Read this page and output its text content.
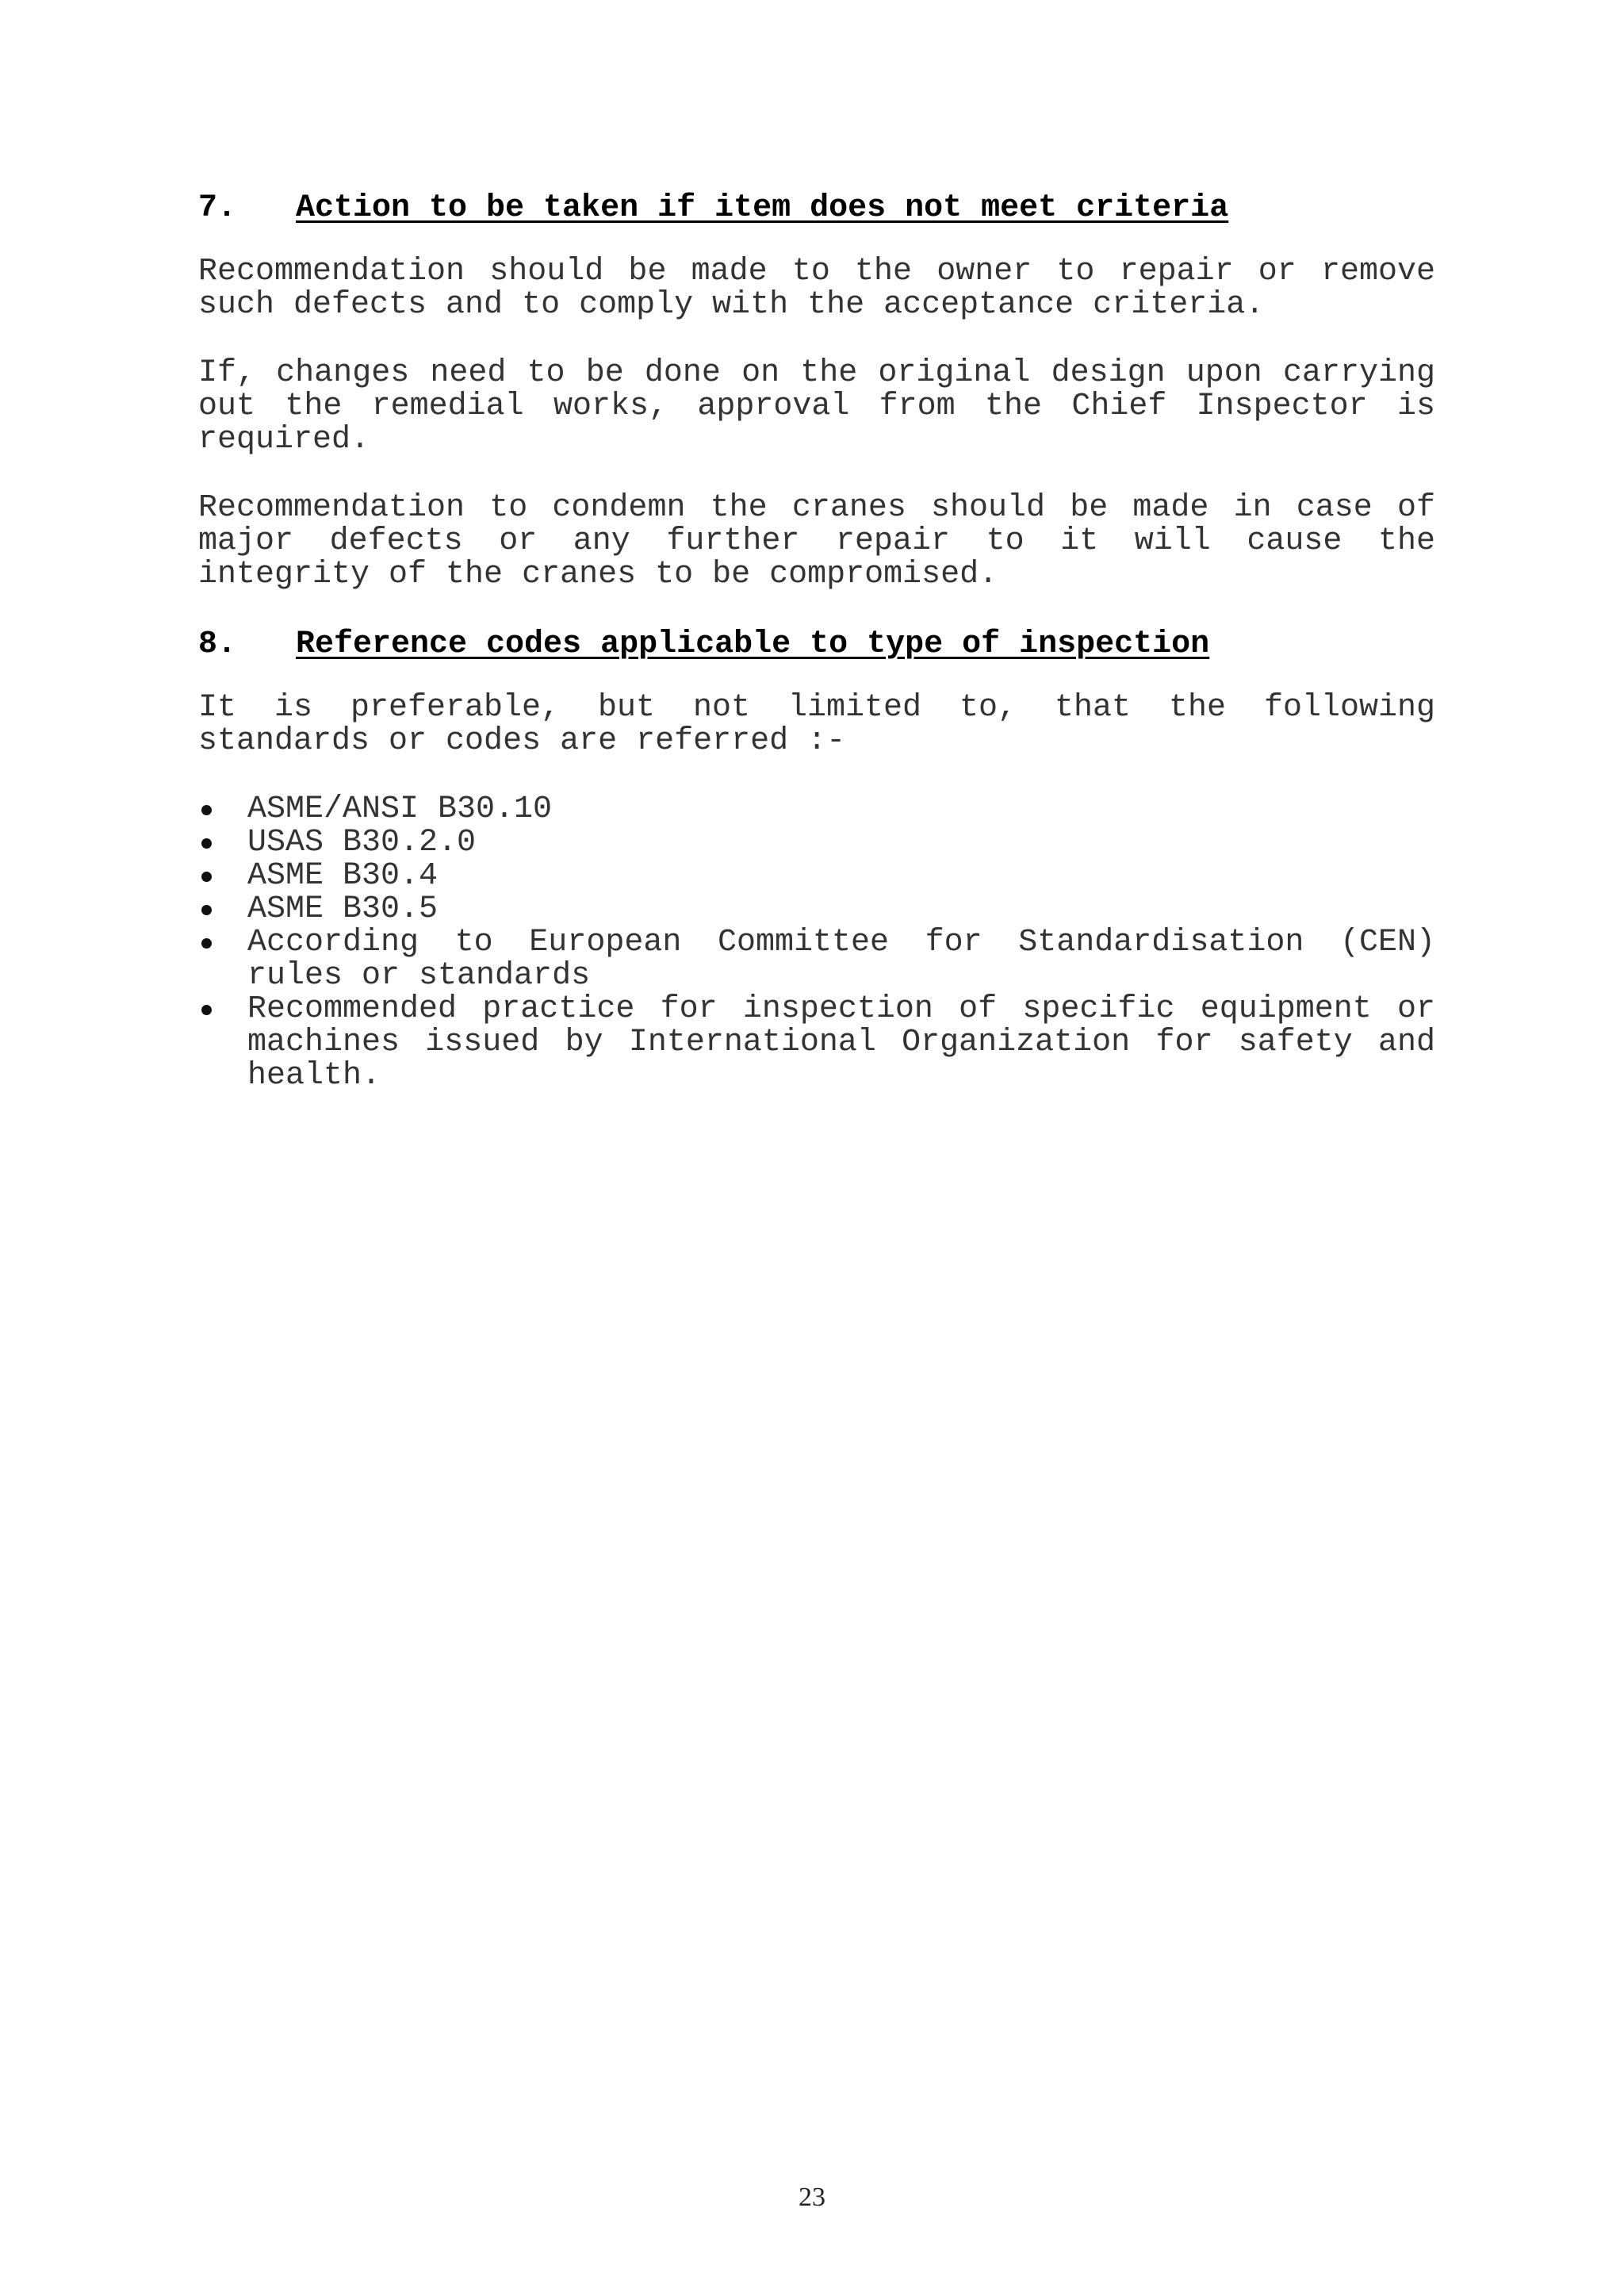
7.	Action to be taken if item does not meet criteria

Recommendation should be made to the owner to repair or remove such defects and to comply with the acceptance criteria.

If, changes need to be done on the original design upon carrying out the remedial works, approval from the Chief Inspector is required.

Recommendation to condemn the cranes should be made in case of major defects or any further repair to it will cause the integrity of the cranes to be compromised.

8.	Reference codes applicable to type of inspection

It is preferable, but not limited to, that the following standards or codes are referred :-

ASME/ANSI B30.10
USAS B30.2.0
ASME B30.4
ASME B30.5
According to European Committee for Standardisation (CEN) rules or standards
Recommended practice for inspection of specific equipment or machines issued by International Organization for safety and health.
23
